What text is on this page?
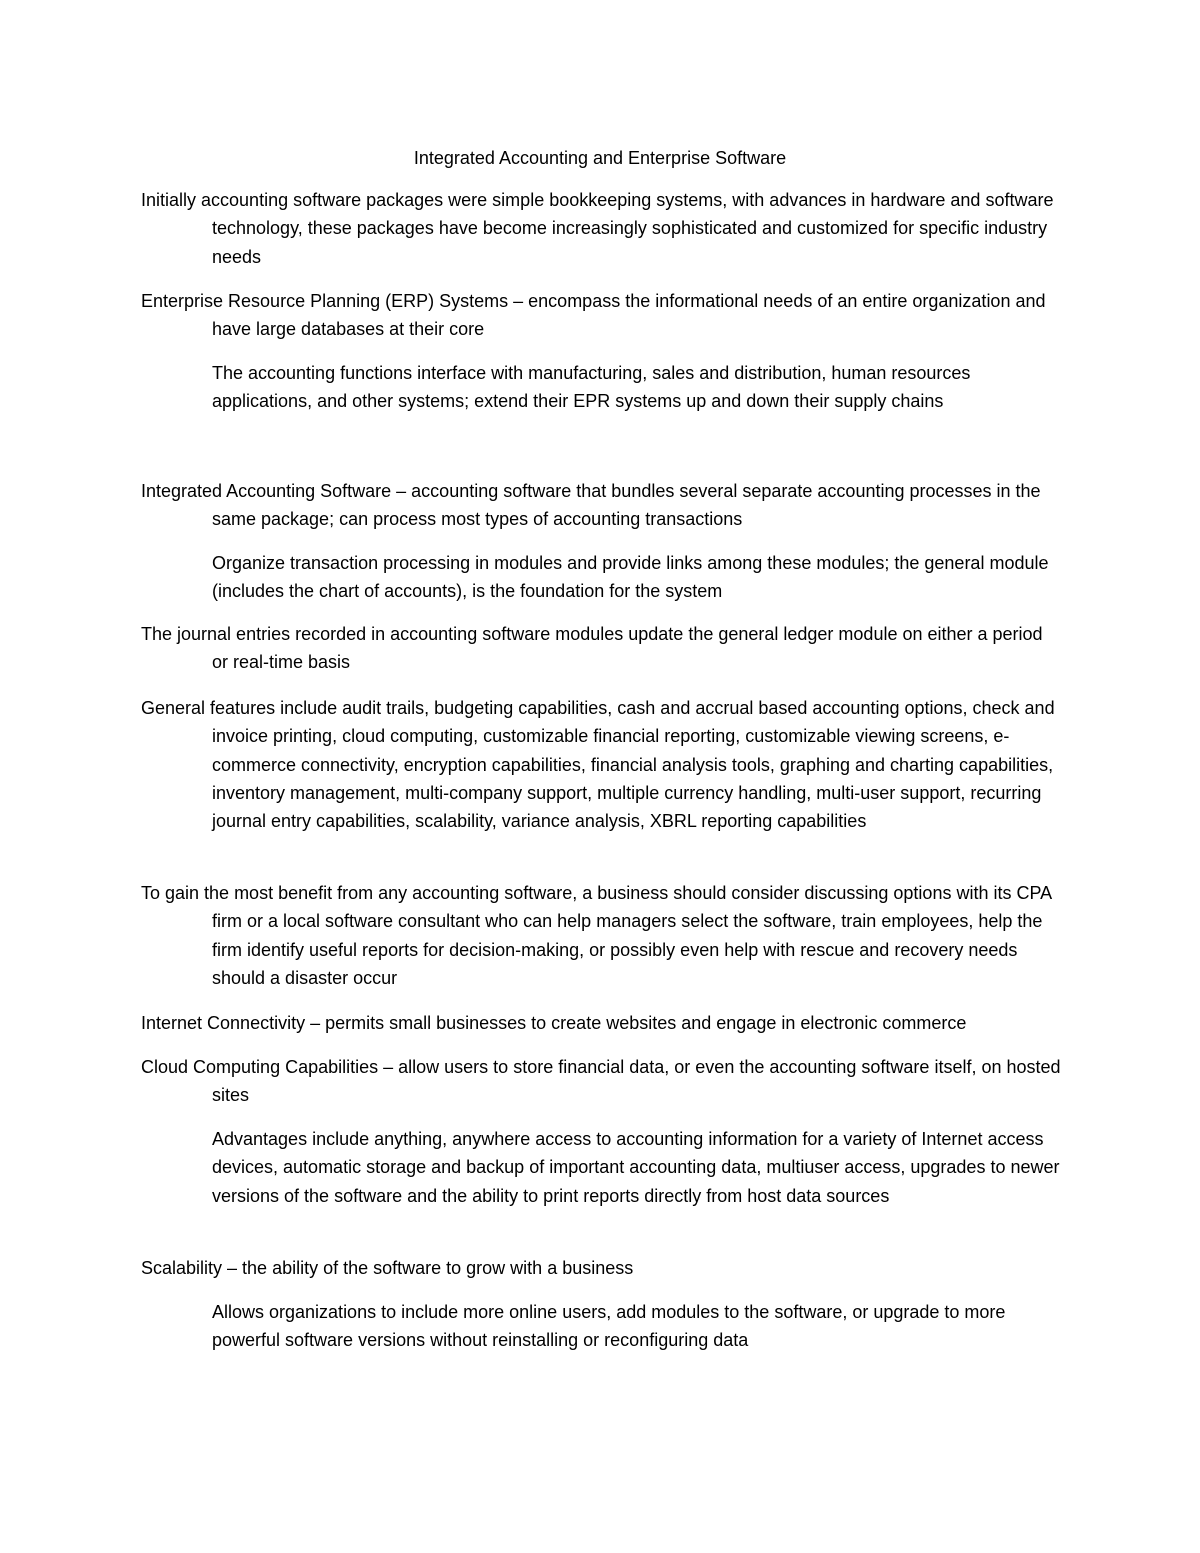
Integrated Accounting and Enterprise Software
Initially accounting software packages were simple bookkeeping systems, with advances in hardware and software technology, these packages have become increasingly sophisticated and customized for specific industry needs
Enterprise Resource Planning (ERP) Systems – encompass the informational needs of an entire organization and have large databases at their core
The accounting functions interface with manufacturing, sales and distribution, human resources applications, and other systems; extend their EPR systems up and down their supply chains
Integrated Accounting Software – accounting software that bundles several separate accounting processes in the same package; can process most types of accounting transactions
Organize transaction processing in modules and provide links among these modules; the general module (includes the chart of accounts), is the foundation for the system
The journal entries recorded in accounting software modules update the general ledger module on either a period or real-time basis
General features include audit trails, budgeting capabilities, cash and accrual based accounting options, check and invoice printing, cloud computing, customizable financial reporting, customizable viewing screens, e-commerce connectivity, encryption capabilities, financial analysis tools, graphing and charting capabilities, inventory management, multi-company support, multiple currency handling, multi-user support, recurring journal entry capabilities, scalability, variance analysis, XBRL reporting capabilities
To gain the most benefit from any accounting software, a business should consider discussing options with its CPA firm or a local software consultant who can help managers select the software, train employees, help the firm identify useful reports for decision-making, or possibly even help with rescue and recovery needs should a disaster occur
Internet Connectivity – permits small businesses to create websites and engage in electronic commerce
Cloud Computing Capabilities – allow users to store financial data, or even the accounting software itself, on hosted sites
Advantages include anything, anywhere access to accounting information for a variety of Internet access devices, automatic storage and backup of important accounting data, multiuser access, upgrades to newer versions of the software and the ability to print reports directly from host data sources
Scalability – the ability of the software to grow with a business
Allows organizations to include more online users, add modules to the software, or upgrade to more powerful software versions without reinstalling or reconfiguring data
